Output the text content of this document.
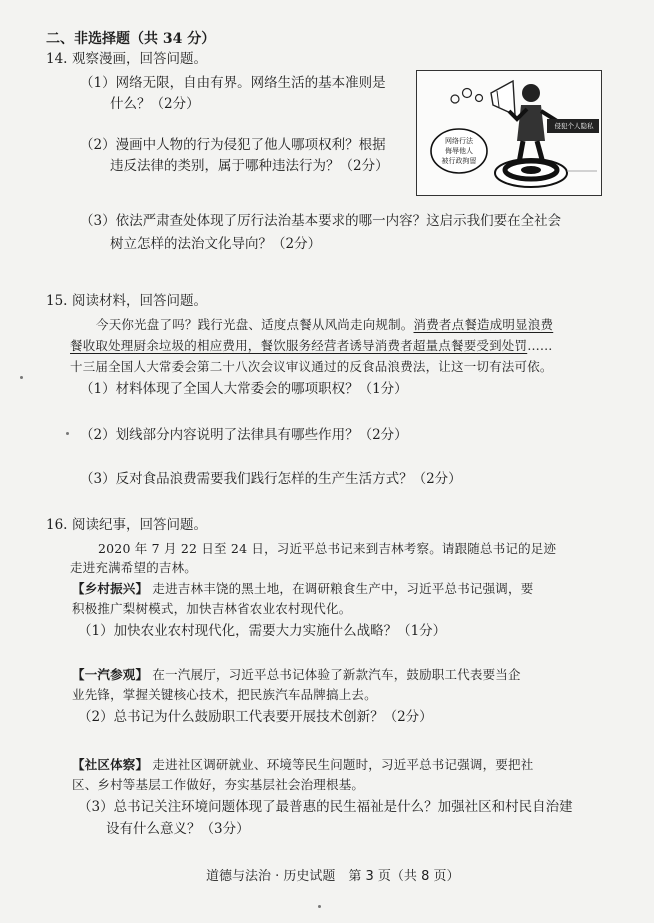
二、非选择题（共 34 分）
14. 观察漫画，回答问题。
（1）网络无限，自由有界。网络生活的基本准则是
什么？（2分）
（2）漫画中人物的行为侵犯了他人哪项权利？根据
违反法律的类别，属于哪种违法行为？（2分）
侵犯个人隐私
网络行法
侮辱他人
被行政拘留
（3）依法严肃查处体现了厉行法治基本要求的哪一内容？这启示我们要在全社会
树立怎样的法治文化导向？（2分）
15. 阅读材料，回答问题。
今天你光盘了吗？践行光盘、适度点餐从风尚走向规制。消费者点餐造成明显浪费
餐收取处理厨余垃圾的相应费用，餐饮服务经营者诱导消费者超量点餐要受到处罚……
十三届全国人大常委会第二十八次会议审议通过的反食品浪费法，让这一切有法可依。
（1）材料体现了全国人大常委会的哪项职权？（1分）
（2）划线部分内容说明了法律具有哪些作用？（2分）
（3）反对食品浪费需要我们践行怎样的生产生活方式？（2分）
16. 阅读纪事，回答问题。
2020 年 7 月 22 日至 24 日，习近平总书记来到吉林考察。请跟随总书记的足迹
走进充满希望的吉林。
【乡村振兴】 走进吉林丰饶的黑土地，在调研粮食生产中，习近平总书记强调，要
积极推广梨树模式，加快吉林省农业农村现代化。
（1）加快农业农村现代化，需要大力实施什么战略？（1分）
【一汽参观】 在一汽展厅，习近平总书记体验了新款汽车，鼓励职工代表要当企
业先锋，掌握关键核心技术，把民族汽车品牌搞上去。
（2）总书记为什么鼓励职工代表要开展技术创新？（2分）
【社区体察】 走进社区调研就业、环境等民生问题时，习近平总书记强调，要把社
区、乡村等基层工作做好，夯实基层社会治理根基。
（3）总书记关注环境问题体现了最普惠的民生福祉是什么？加强社区和村民自治建
设有什么意义？（3分）
道德与法治 · 历史试题　第 3 页（共 8 页）
